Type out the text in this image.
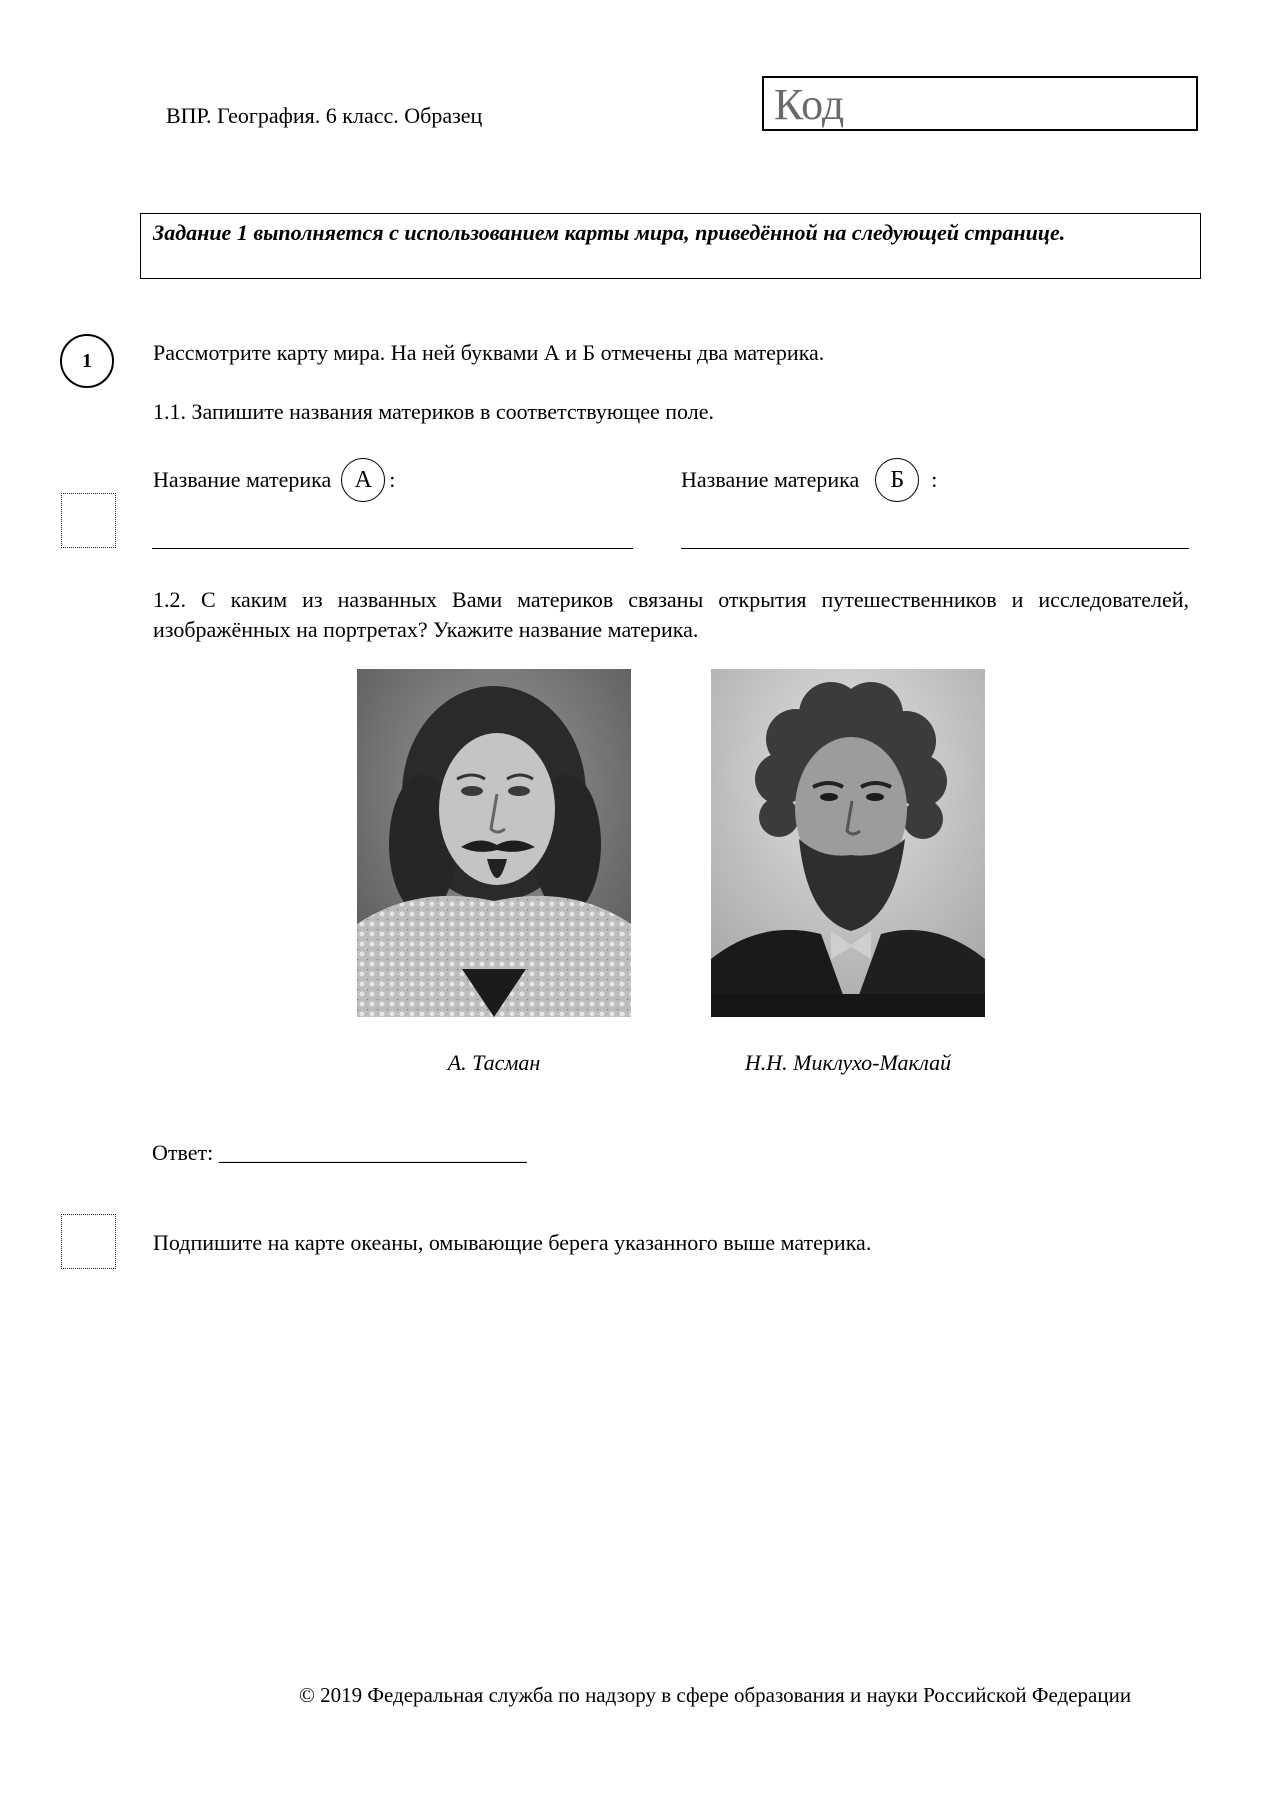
ВПР. География. 6 класс. Образец	Код
Задание 1 выполняется с использованием карты мира, приведённой на следующей странице.
1	Рассмотрите карту мира. На ней буквами А и Б отмечены два материка.
1.1. Запишите названия материков в соответствующее поле.
Название материка А :	Название материка	Б	:
1.2. С каким из названных Вами материков связаны открытия путешественников и исследователей, изображённых на портретах? Укажите название материка.
А. Тасман	Н.Н. Миклухо-Маклай
Ответ: ____________________________
Подпишите на карте океаны, омывающие берега указанного выше материка.
© 2019 Федеральная служба по надзору в сфере образования и науки Российской Федерации
